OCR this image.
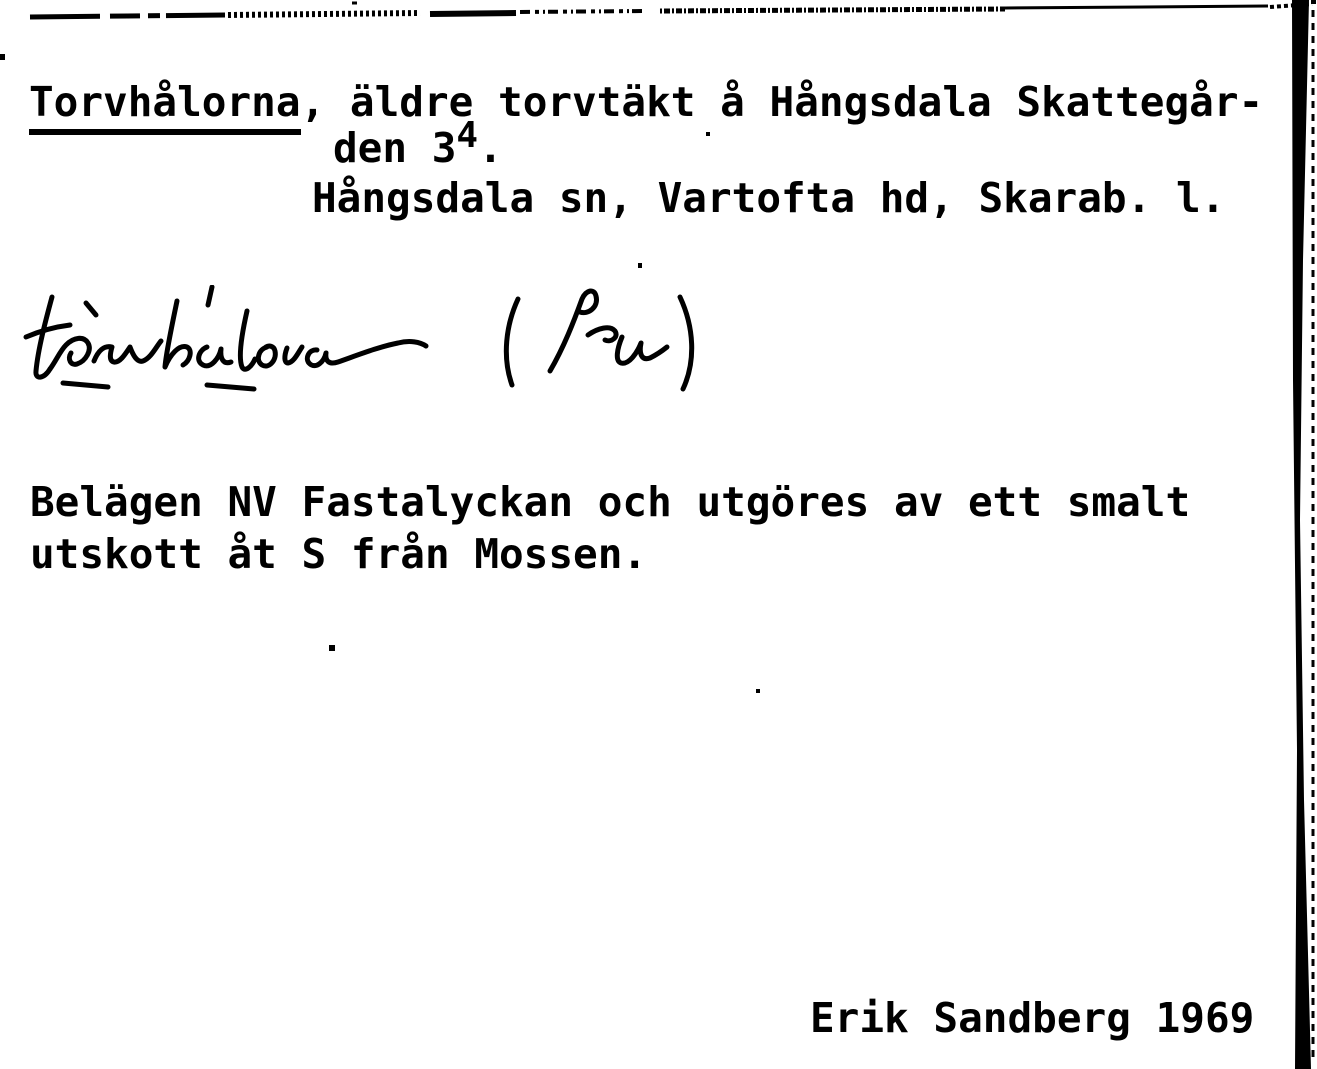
Torvhålorna, äldre torvtäkt å Hångsdala Skattegår-
den 34.
Hångsdala sn, Vartofta hd, Skarab. l.
Belägen NV Fastalyckan och utgöres av ett smalt
utskott åt S från Mossen.
Erik Sandberg 1969
